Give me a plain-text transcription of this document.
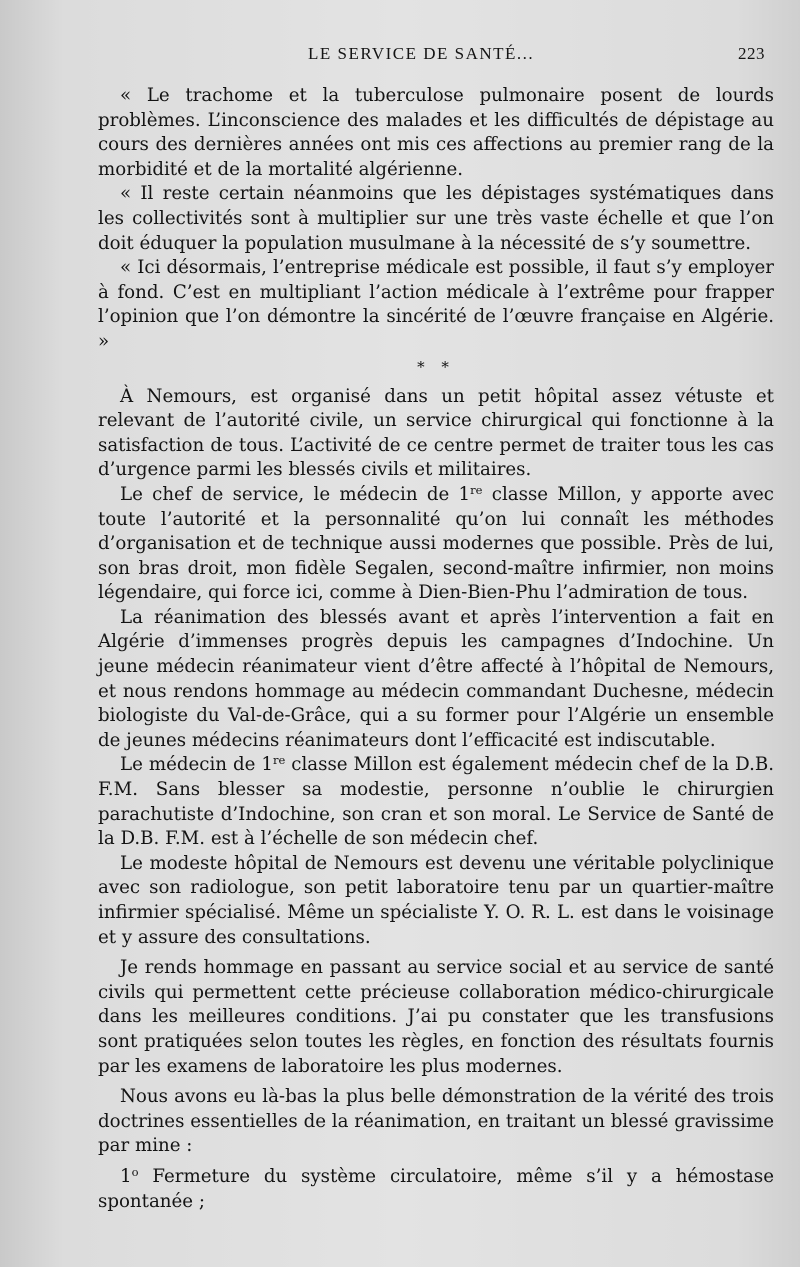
LE SERVICE DE SANTÉ...	223

« Le trachome et la tuberculose pulmonaire posent de lourds problèmes. L’inconscience des malades et les difficultés de dépistage au cours des dernières années ont mis ces affections au premier rang de la morbidité et de la mortalité algérienne.

« Il reste certain néanmoins que les dépistages systématiques dans les collectivités sont à multiplier sur une très vaste échelle et que l’on doit éduquer la population musulmane à la nécessité de s’y soumettre.

« Ici désormais, l’entreprise médicale est possible, il faut s’y employer à fond. C’est en multipliant l’action médicale à l’extrême pour frapper l’opinion que l’on démontre la sincérité de l’œuvre française en Algérie. »

* *

À Nemours, est organisé dans un petit hôpital assez vétuste et relevant de l’autorité civile, un service chirurgical qui fonctionne à la satisfaction de tous. L’activité de ce centre permet de traiter tous les cas d’urgence parmi les blessés civils et militaires.

Le chef de service, le médecin de 1re classe Millon, y apporte avec toute l’autorité et la personnalité qu’on lui connaît les méthodes d’organisation et de technique aussi modernes que possible. Près de lui, son bras droit, mon fidèle Segalen, second-maître infirmier, non moins légendaire, qui force ici, comme à Dien-Bien-Phu l’admiration de tous.

La réanimation des blessés avant et après l’intervention a fait en Algérie d’immenses progrès depuis les campagnes d’Indochine. Un jeune médecin réanimateur vient d’être affecté à l’hôpital de Nemours, et nous rendons hommage au médecin commandant Duchesne, médecin biologiste du Val-de-Grâce, qui a su former pour l’Algérie un ensemble de jeunes médecins réanimateurs dont l’efficacité est indiscutable.

Le médecin de 1re classe Millon est également médecin chef de la D.B. F.M. Sans blesser sa modestie, personne n’oublie le chirurgien parachutiste d’Indochine, son cran et son moral. Le Service de Santé de la D.B. F.M. est à l’échelle de son médecin chef.

Le modeste hôpital de Nemours est devenu une véritable polyclinique avec son radiologue, son petit laboratoire tenu par un quartier-maître infirmier spécialisé. Même un spécialiste Y. O. R. L. est dans le voisinage et y assure des consultations.

Je rends hommage en passant au service social et au service de santé civils qui permettent cette précieuse collaboration médico-chirurgicale dans les meilleures conditions. J’ai pu constater que les transfusions sont pratiquées selon toutes les règles, en fonction des résultats fournis par les examens de laboratoire les plus modernes.

Nous avons eu là-bas la plus belle démonstration de la vérité des trois doctrines essentielles de la réanimation, en traitant un blessé gravissime par mine :

1$^o$ Fermeture du système circulatoire, même s’il y a hémostase spontanée ;
